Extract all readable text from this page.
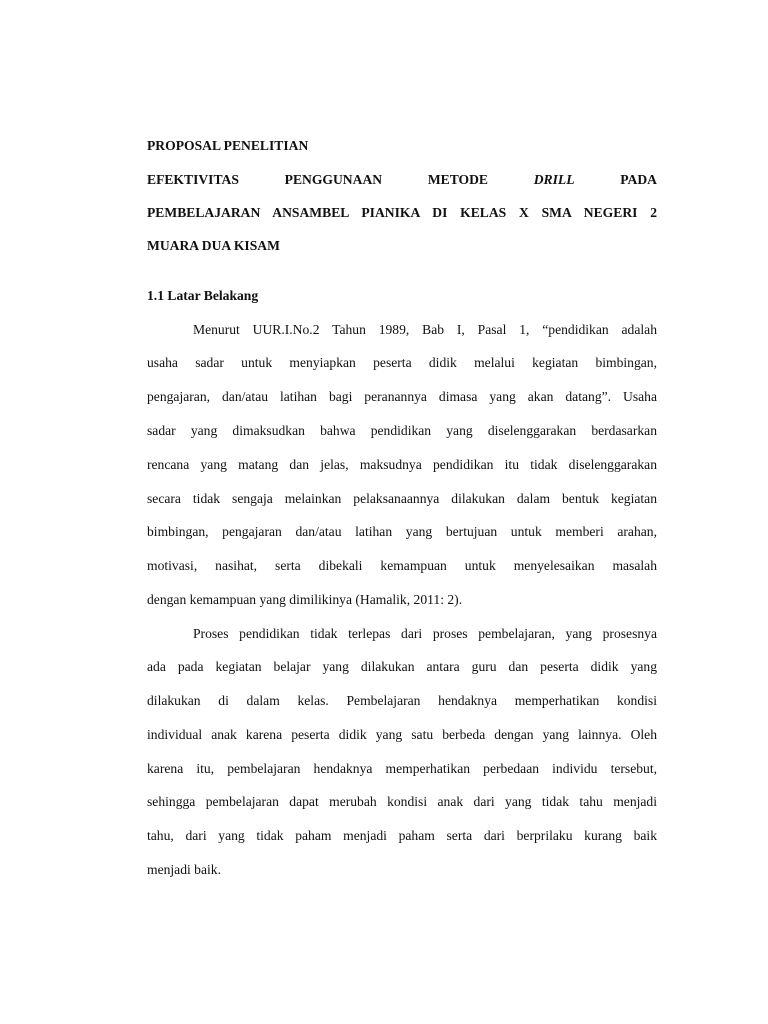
PROPOSAL PENELITIAN
EFEKTIVITAS	PENGGUNAAN	METODE	DRILL	PADA
PEMBELAJARAN ANSAMBEL PIANIKA DI KELAS X SMA NEGERI 2
MUARA DUA KISAM
1.1 Latar Belakang
Menurut UUR.I.No.2 Tahun 1989, Bab I, Pasal 1, “pendidikan adalah
usaha sadar untuk menyiapkan peserta didik melalui kegiatan bimbingan,
pengajaran, dan/atau latihan bagi peranannya dimasa yang akan datang”. Usaha
sadar yang dimaksudkan bahwa pendidikan yang diselenggarakan berdasarkan
rencana yang matang dan jelas, maksudnya pendidikan itu tidak diselenggarakan
secara tidak sengaja melainkan pelaksanaannya dilakukan dalam bentuk kegiatan
bimbingan, pengajaran dan/atau latihan yang bertujuan untuk memberi arahan,
motivasi, nasihat, serta dibekali kemampuan untuk menyelesaikan masalah
dengan kemampuan yang dimilikinya (Hamalik, 2011: 2).
Proses pendidikan tidak terlepas dari proses pembelajaran, yang prosesnya
ada pada kegiatan belajar yang dilakukan antara guru dan peserta didik yang
dilakukan di dalam kelas. Pembelajaran hendaknya memperhatikan kondisi
individual anak karena peserta didik yang satu berbeda dengan yang lainnya. Oleh
karena itu, pembelajaran hendaknya memperhatikan perbedaan individu tersebut,
sehingga pembelajaran dapat merubah kondisi anak dari yang tidak tahu menjadi
tahu, dari yang tidak paham menjadi paham serta dari berprilaku kurang baik
menjadi baik.
